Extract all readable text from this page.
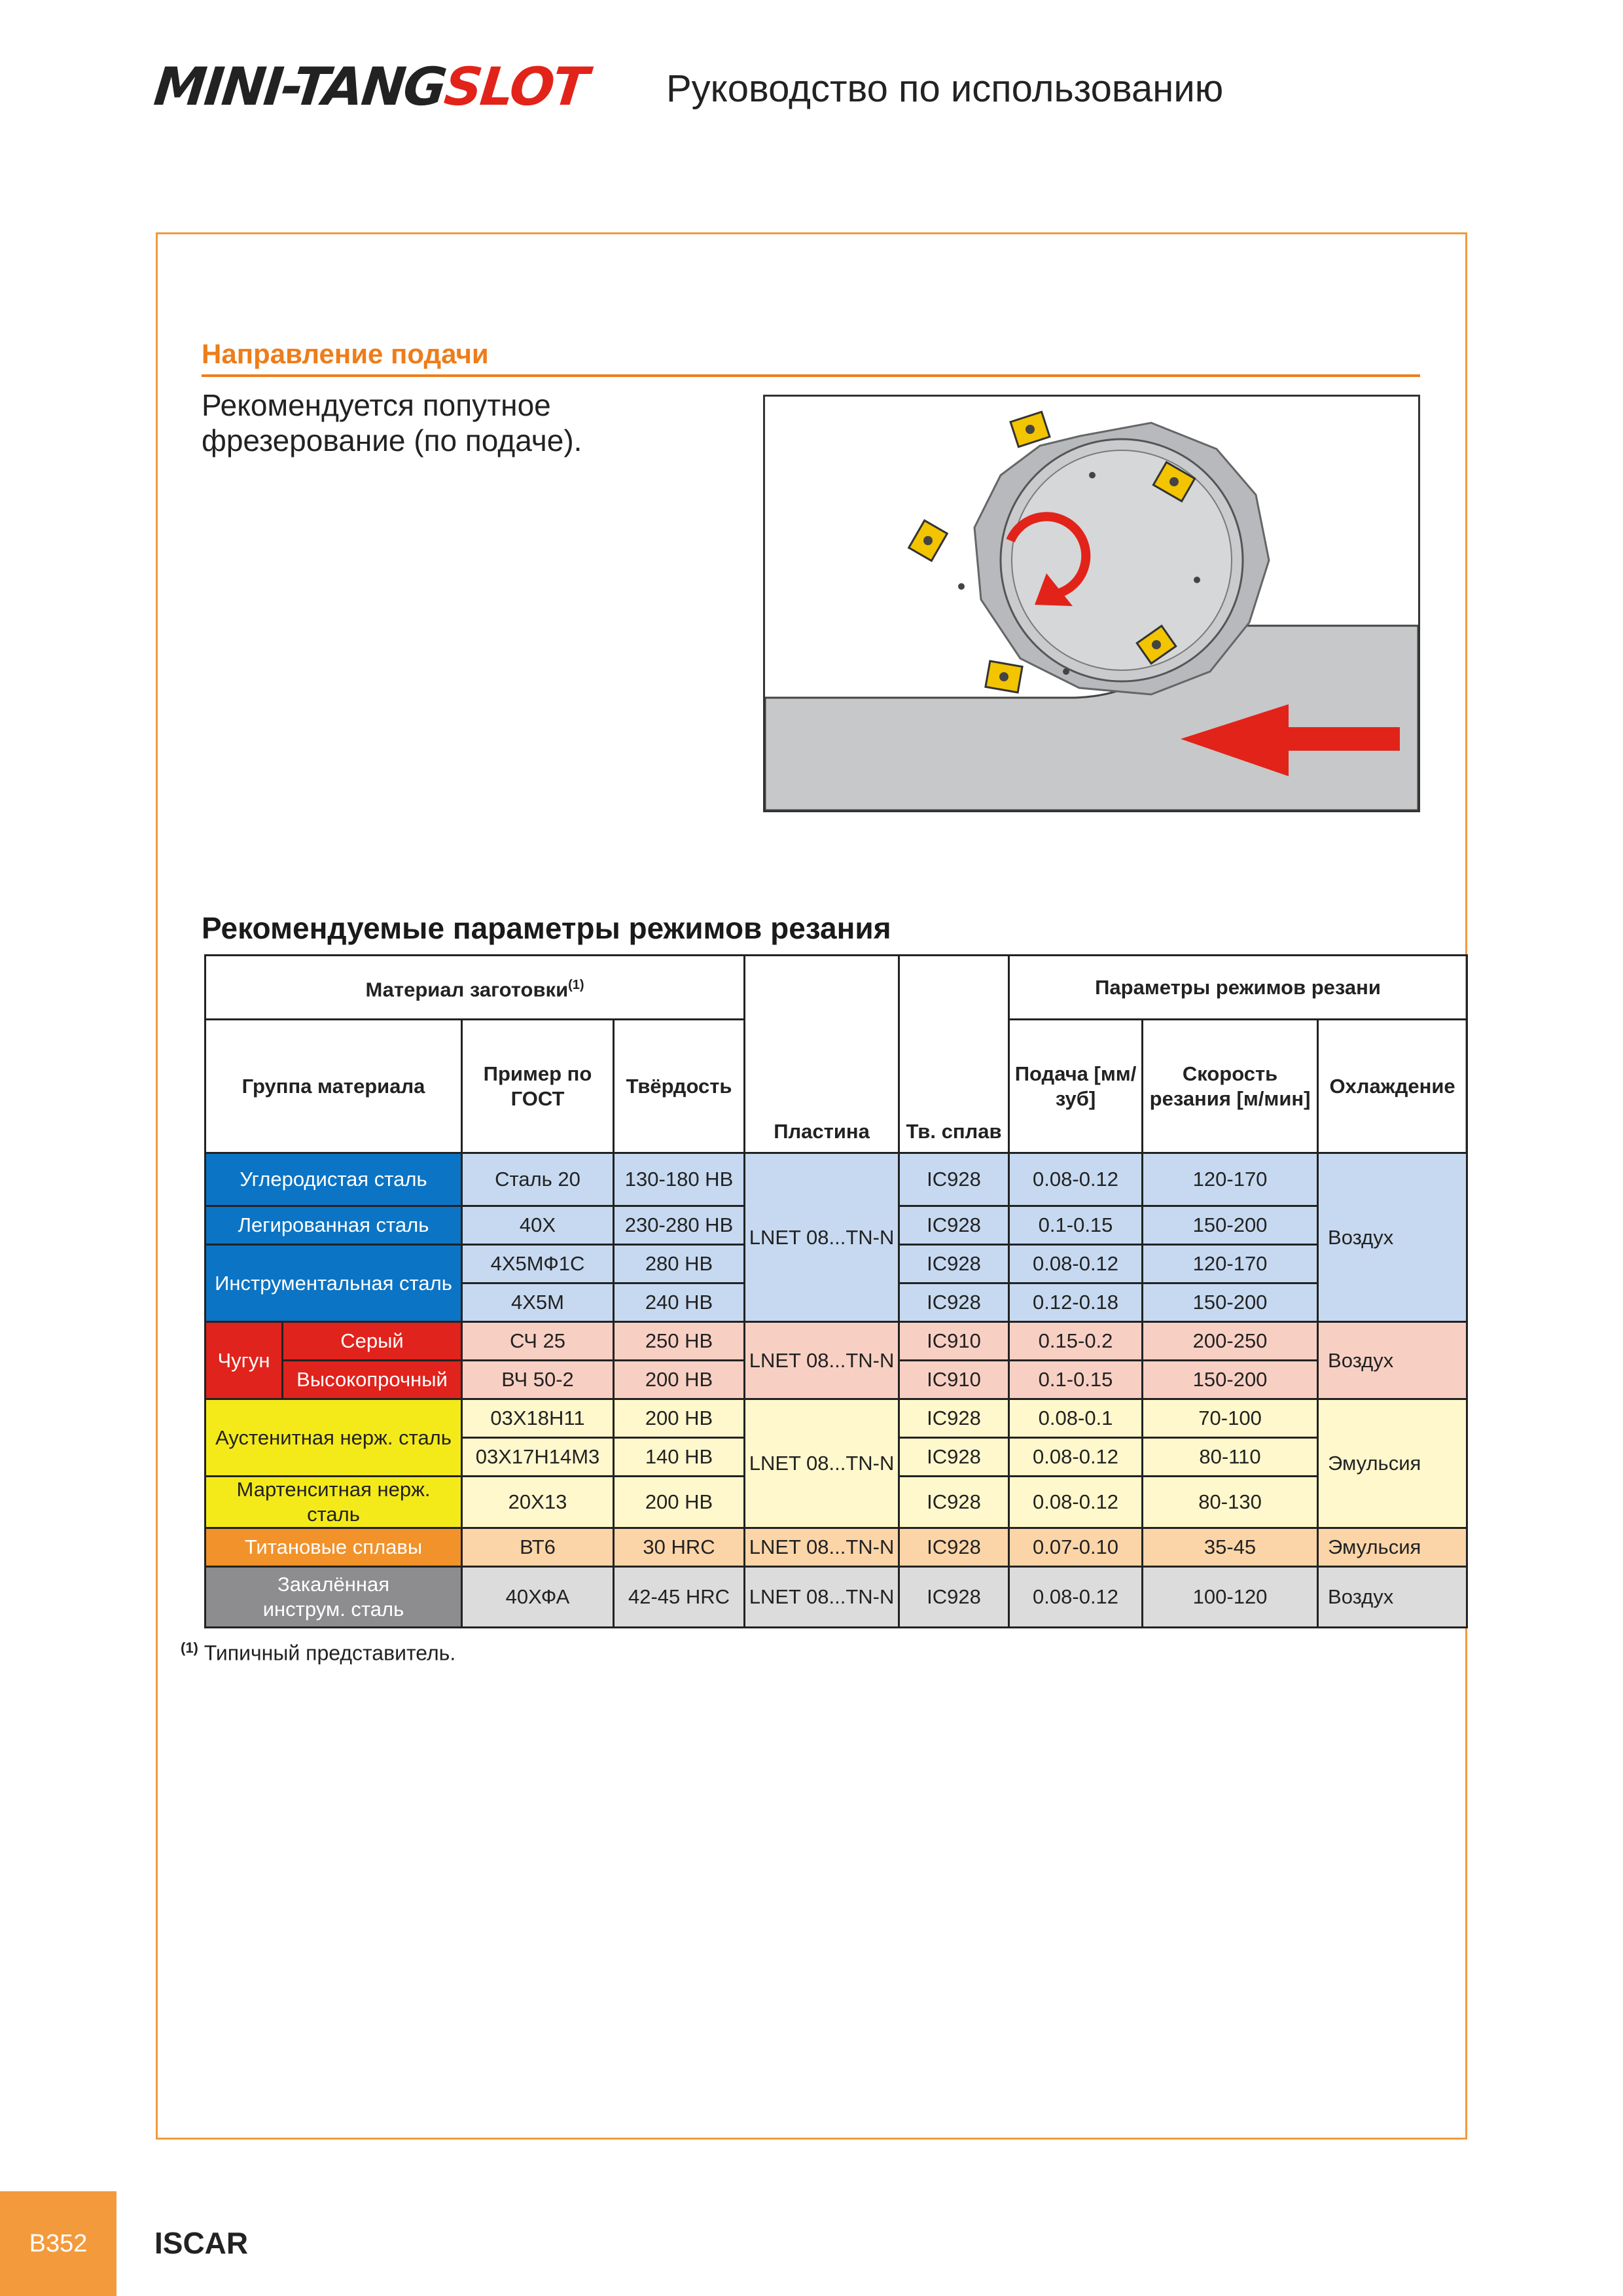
MINI-TANGSLOT Руководство по использованию
Направление подачи
Рекомендуется попутное фрезерование (по подаче).
Рекомендуемые параметры режимов резания
Материал заготовки$^{(1)}$				Пластина	Тв. сплав	Параметры режимов резани		
Группа материала		Пример по ГОСТ	Твёрдость			Подача [мм/зуб]	Скорость резания [м/мин]	Охлаждение
Углеродистая сталь		Сталь 20	130-180 HB	LNET 08...TN-N	IC928	0.08-0.12	120-170	Воздух
Легированная сталь		40Х	230-280 HB		IC928	0.1-0.15	150-200	
Инструментальная сталь		4Х5МФ1С	280 HB		IC928	0.08-0.12	120-170	
		4Х5М	240 HB		IC928	0.12-0.18	150-200	
Чугун	Серый	СЧ 25	250 HB	LNET 08...TN-N	IC910	0.15-0.2	200-250	Воздух
	Высокопрочный	ВЧ 50-2	200 HB		IC910	0.1-0.15	150-200	
Аустенитная нерж. сталь		03Х18Н11	200 HB	LNET 08...TN-N	IC928	0.08-0.1	70-100	Эмульсия
		03Х17Н14М3	140 HB		IC928	0.08-0.12	80-110	
Мартенситная нерж. сталь		20Х13	200 HB		IC928	0.08-0.12	80-130	
Титановые сплавы		ВТ6	30 HRC	LNET 08...TN-N	IC928	0.07-0.10	35-45	Эмульсия
Закалённая инструм. сталь		40ХФА	42-45 HRC	LNET 08...TN-N	IC928	0.08-0.12	100-120	Воздух
$^{(1)}$ Типичный представитель.
B352	ISCAR
